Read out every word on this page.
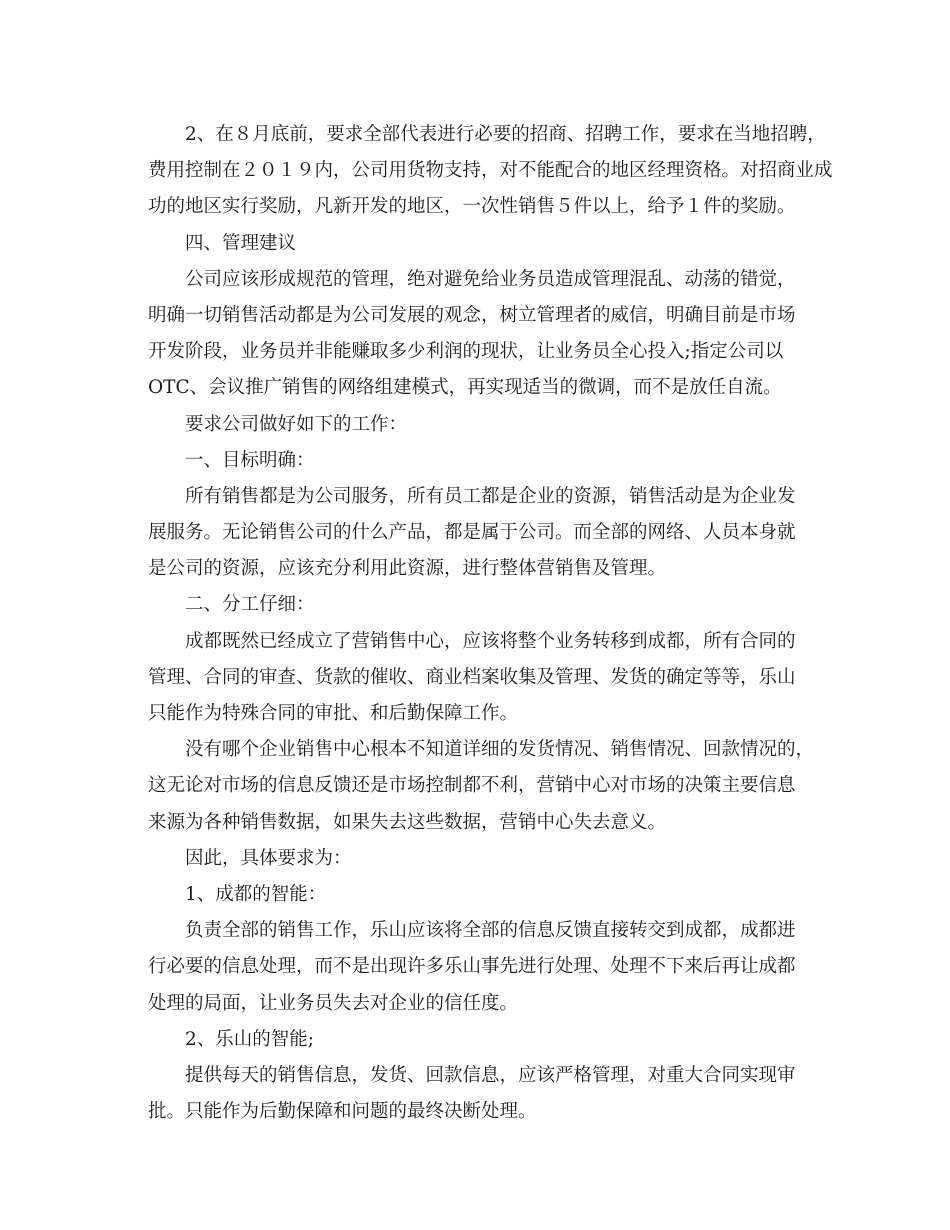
2、在８月底前，要求全部代表进行必要的招商、招聘工作，要求在当地招聘，
费用控制在２０１９内，公司用货物支持，对不能配合的地区经理资格。对招商业成
功的地区实行奖励，凡新开发的地区，一次性销售５件以上，给予１件的奖励。
四、管理建议
公司应该形成规范的管理，绝对避免给业务员造成管理混乱、动荡的错觉，
明确一切销售活动都是为公司发展的观念，树立管理者的威信，明确目前是市场
开发阶段，业务员并非能赚取多少利润的现状，让业务员全心投入;指定公司以
OTC、会议推广销售的网络组建模式，再实现适当的微调，而不是放任自流。
要求公司做好如下的工作：
一、目标明确：
所有销售都是为公司服务，所有员工都是企业的资源，销售活动是为企业发
展服务。无论销售公司的什么产品，都是属于公司。而全部的网络、人员本身就
是公司的资源，应该充分利用此资源，进行整体营销售及管理。
二、分工仔细：
成都既然已经成立了营销售中心，应该将整个业务转移到成都，所有合同的
管理、合同的审查、货款的催收、商业档案收集及管理、发货的确定等等，乐山
只能作为特殊合同的审批、和后勤保障工作。
没有哪个企业销售中心根本不知道详细的发货情况、销售情况、回款情况的，
这无论对市场的信息反馈还是市场控制都不利，营销中心对市场的决策主要信息
来源为各种销售数据，如果失去这些数据，营销中心失去意义。
因此，具体要求为：
1、成都的智能：
负责全部的销售工作，乐山应该将全部的信息反馈直接转交到成都，成都进
行必要的信息处理，而不是出现许多乐山事先进行处理、处理不下来后再让成都
处理的局面，让业务员失去对企业的信任度。
2、乐山的智能;
提供每天的销售信息，发货、回款信息，应该严格管理，对重大合同实现审
批。只能作为后勤保障和问题的最终决断处理。
